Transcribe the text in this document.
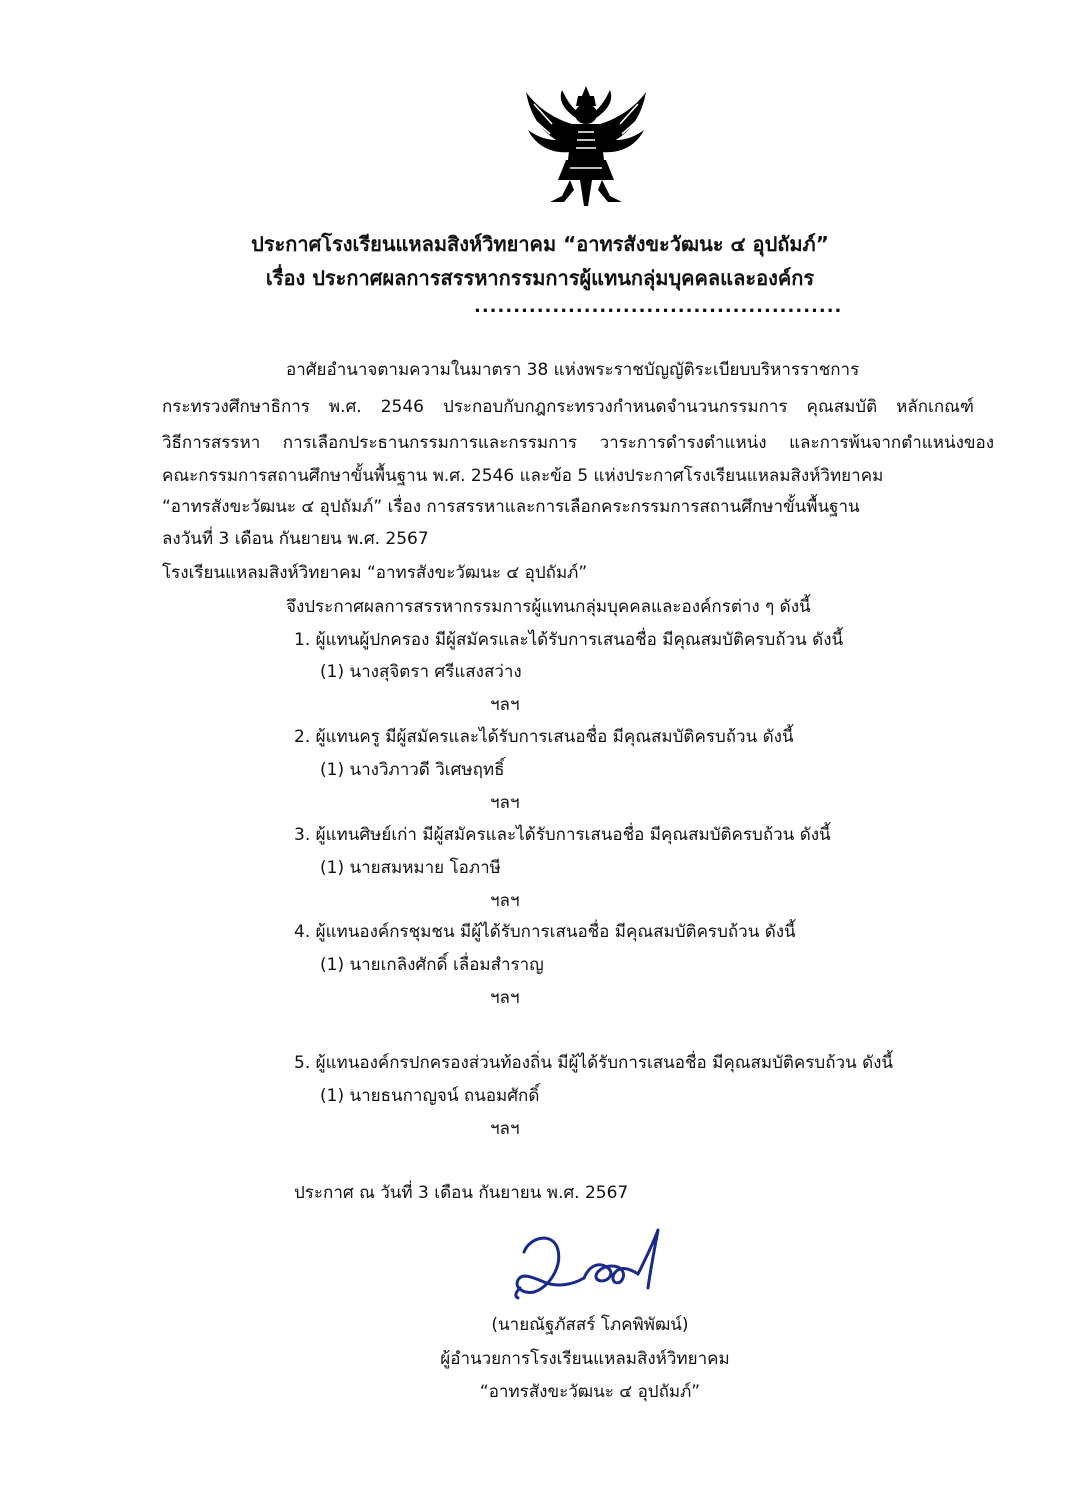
ประกาศโรงเรียนแหลมสิงห์วิทยาคม “อาทรสังขะวัฒนะ ๔ อุปถัมภ์”
เรื่อง ประกาศผลการสรรหากรรมการผู้แทนกลุ่มบุคคลและองค์กร
...............................................
อาศัยอำนาจตามความในมาตรา 38 แห่งพระราชบัญญัติระเบียบบริหารราชการ
กระทรวงศึกษาธิการ พ.ศ. 2546 ประกอบกับกฎกระทรวงกำหนดจำนวนกรรมการ คุณสมบัติ หลักเกณฑ์
วิธีการสรรหา การเลือกประธานกรรมการและกรรมการ วาระการดำรงตำแหน่ง และการพ้นจากตำแหน่งของ
คณะกรรมการสถานศึกษาขั้นพื้นฐาน พ.ศ. 2546 และข้อ 5 แห่งประกาศโรงเรียนแหลมสิงห์วิทยาคม
“อาทรสังขะวัฒนะ ๔ อุปถัมภ์” เรื่อง การสรรหาและการเลือกคระกรรมการสถานศึกษาขั้นพื้นฐาน
ลงวันที่ 3 เดือน กันยายน พ.ศ. 2567
โรงเรียนแหลมสิงห์วิทยาคม “อาทรสังขะวัฒนะ ๔ อุปถัมภ์”
จึงประกาศผลการสรรหากรรมการผู้แทนกลุ่มบุคคลและองค์กรต่าง ๆ ดังนี้
1. ผู้แทนผู้ปกครอง มีผู้สมัครและได้รับการเสนอชื่อ มีคุณสมบัติครบถ้วน ดังนี้
(1) นางสุจิตรา ศรีแสงสว่าง
ฯลฯ
2. ผู้แทนครู มีผู้สมัครและได้รับการเสนอชื่อ มีคุณสมบัติครบถ้วน ดังนี้
(1) นางวิภาวดี วิเศษฤทธิ์
ฯลฯ
3. ผู้แทนศิษย์เก่า มีผู้สมัครและได้รับการเสนอชื่อ มีคุณสมบัติครบถ้วน ดังนี้
(1) นายสมหมาย โอภาษี
ฯลฯ
4. ผู้แทนองค์กรชุมชน มีผู้ได้รับการเสนอชื่อ มีคุณสมบัติครบถ้วน ดังนี้
(1) นายเกลิงศักดิ์ เลื่อมสำราญ
ฯลฯ
5. ผู้แทนองค์กรปกครองส่วนท้องถิ่น มีผู้ได้รับการเสนอชื่อ มีคุณสมบัติครบถ้วน ดังนี้
(1) นายธนกาญจน์ ถนอมศักดิ์
ฯลฯ
ประกาศ ณ วันที่ 3 เดือน กันยายน พ.ศ. 2567
(นายณัฐภัสสร์ โภคพิพัฒน์)
ผู้อำนวยการโรงเรียนแหลมสิงห์วิทยาคม
“อาทรสังขะวัฒนะ ๔ อุปถัมภ์”
